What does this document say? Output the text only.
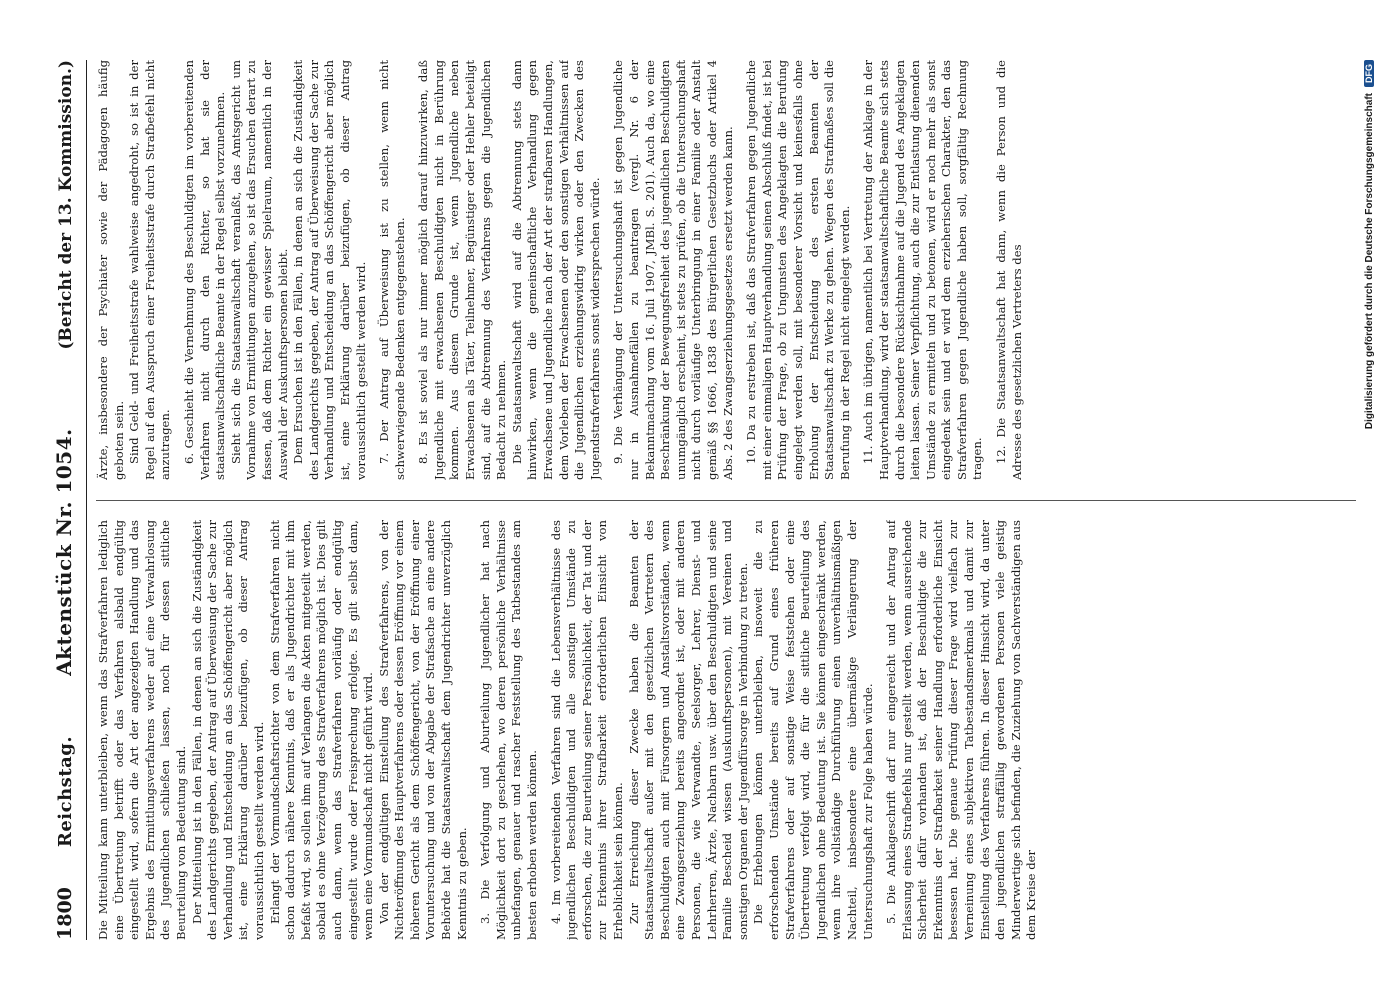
1800
Reichstag.
Aktenstück Nr. 1054.
(Bericht der 13. Kommission.)

Die Mitteilung kann unterbleiben, wenn das Strafverfahren lediglich eine Übertretung betrifft oder das Verfahren alsbald endgültig eingestellt wird, sofern die Art der angezeigten Handlung und das Ergebnis des Ermittlungsverfahrens weder auf eine Verwahrlosung des Jugendlichen schließen lassen, noch für dessen sittliche Beurteilung von Bedeutung sind. Der Mitteilung ist in den Fällen, in denen an sich die Zuständigkeit des Landgerichts gegeben, der Antrag auf Überweisung der Sache zur Verhandlung und Entscheidung an das Schöffengericht aber möglich ist, eine Erklärung darüber beizufügen, ob dieser Antrag voraussichtlich gestellt werden wird. Erlangt der Vormundschaftsrichter von dem Strafverfahren nicht schon dadurch nähere Kenntnis, daß er als Jugendrichter mit ihm befaßt wird, so sollen ihm auf Verlangen die Akten mitgeteilt werden, sobald es ohne Verzögerung des Strafverfahrens möglich ist. Dies gilt auch dann, wenn das Strafverfahren vorläufig oder endgültig eingestellt wurde oder Freisprechung erfolgte. Es gilt selbst dann, wenn eine Vormundschaft nicht geführt wird. Von der endgültigen Einstellung des Strafverfahrens, von der Nichteröffnung des Hauptverfahrens oder dessen Eröffnung vor einem höheren Gericht als dem Schöffengericht, von der Eröffnung einer Voruntersuchung und von der Abgabe der Strafsache an eine andere Behörde hat die Staatsanwaltschaft dem Jugendrichter unverzüglich Kenntnis zu geben. 3. Die Verfolgung und Aburteilung Jugendlicher hat nach Möglichkeit dort zu geschehen, wo deren persönliche Verhältnisse unbefangen, genauer und rascher Feststellung des Tatbestandes am besten erhoben werden können. 4. Im vorbereitenden Verfahren sind die Lebensverhältnisse des jugendlichen Beschuldigten und alle sonstigen Umstände zu erforschen, die zur Beurteilung seiner Persönlichkeit, der Tat und der zur Erkenntnis ihrer Strafbarkeit erforderlichen Einsicht von Erheblichkeit sein können. Zur Erreichung dieser Zwecke haben die Beamten der Staatsanwaltschaft außer mit den gesetzlichen Vertretern des Beschuldigten auch mit Fürsorgern und Anstaltsvorständen, wenn eine Zwangserziehung bereits angeordnet ist, oder mit anderen Personen, die wie Verwandte, Seelsorger, Lehrer, Dienst- und Lehrherren, Ärzte, Nachbarn usw. über den Beschuldigten und seine Familie Bescheid wissen (Auskunftspersonen), mit Vereinen und sonstigen Organen der Jugendfürsorge in Verbindung zu treten. Die Erhebungen können unterbleiben, insoweit die zu erforschenden Umstände bereits auf Grund eines früheren Strafverfahrens oder auf sonstige Weise feststehen oder eine Übertretung verfolgt wird, die für die sittliche Beurteilung des Jugendlichen ohne Bedeutung ist. Sie können eingeschränkt werden, wenn ihre vollständige Durchführung einen unverhältnismäßigen Nachteil, insbesondere eine übermäßige Verlängerung der Untersuchungshaft zur Folge haben würde. 5. Die Anklageschrift darf nur eingereicht und der Antrag auf Erlassung eines Strafbefehls nur gestellt werden, wenn ausreichende Sicherheit dafür vorhanden ist, daß der Beschuldigte die zur Erkenntnis der Strafbarkeit seiner Handlung erforderliche Einsicht besessen hat. Die genaue Prüfung dieser Frage wird vielfach zur Verneinung eines subjektiven Tatbestandsmerkmals und damit zur Einstellung des Verfahrens führen. In dieser Hinsicht wird, da unter den jugendlichen straffällig gewordenen Personen viele geistig Minderwertige sich befinden, die Zuziehung von Sachverständigen aus dem Kreise der

Ärzte, insbesondere der Psychiater sowie der Pädagogen häufig geboten sein. Sind Geld- und Freiheitsstrafe wahlweise angedroht, so ist in der Regel auf den Ausspruch einer Freiheitsstrafe durch Strafbefehl nicht anzutragen. 6. Geschieht die Vernehmung des Beschuldigten im vorbereitenden Verfahren nicht durch den Richter, so hat sie der staatsanwaltschaftliche Beamte in der Regel selbst vorzunehmen. Sieht sich die Staatsanwaltschaft veranlaßt, das Amtsgericht um Vornahme von Ermittlungen anzugehen, so ist das Ersuchen derart zu fassen, daß dem Richter ein gewisser Spielraum, namentlich in der Auswahl der Auskunftspersonen bleibt. Dem Ersuchen ist in den Fällen, in denen an sich die Zuständigkeit des Landgerichts gegeben, der Antrag auf Überweisung der Sache zur Verhandlung und Entscheidung an das Schöffengericht aber möglich ist, eine Erklärung darüber beizufügen, ob dieser Antrag voraussichtlich gestellt werden wird. 7. Der Antrag auf Überweisung ist zu stellen, wenn nicht schwerwiegende Bedenken entgegenstehen. 8. Es ist soviel als nur immer möglich darauf hinzuwirken, daß Jugendliche mit erwachsenen Beschuldigten nicht in Berührung kommen. Aus diesem Grunde ist, wenn Jugendliche neben Erwachsenen als Täter, Teilnehmer, Begünstiger oder Hehler beteiligt sind, auf die Abtrennung des Verfahrens gegen die Jugendlichen Bedacht zu nehmen. Die Staatsanwaltschaft wird auf die Abtrennung stets dann hinwirken, wenn die gemeinschaftliche Verhandlung gegen Erwachsene und Jugendliche nach der Art der strafbaren Handlungen, dem Vorleben der Erwachsenen oder den sonstigen Verhältnissen auf die Jugendlichen erziehungswidrig wirken oder den Zwecken des Jugendstrafverfahrens sonst widersprechen würde. 9. Die Verhängung der Untersuchungshaft ist gegen Jugendliche nur in Ausnahmefällen zu beantragen (vergl. Nr. 6 der Bekanntmachung vom 16. Juli 1907, JMBl. S. 201). Auch da, wo eine Beschränkung der Bewegungsfreiheit des jugendlichen Beschuldigten unumgänglich erscheint, ist stets zu prüfen, ob die Untersuchungshaft nicht durch vorläufige Unterbringung in einer Familie oder Anstalt gemäß §§ 1666, 1838 des Bürgerlichen Gesetzbuchs oder Artikel 4 Abs. 2 des Zwangserziehungsgesetzes ersetzt werden kann. 10. Da zu erstreben ist, daß das Strafverfahren gegen Jugendliche mit einer einmaligen Hauptverhandlung seinen Abschluß findet, ist bei Prüfung der Frage, ob zu Ungunsten des Angeklagten die Berufung eingelegt werden soll, mit besonderer Vorsicht und keinesfalls ohne Erholung der Entscheidung des ersten Beamten der Staatsanwaltschaft zu Werke zu gehen. Wegen des Strafmaßes soll die Berufung in der Regel nicht eingelegt werden. 11. Auch im übrigen, namentlich bei Vertretung der Anklage in der Hauptverhandlung, wird der staatsanwaltschaftliche Beamte sich stets durch die besondere Rücksichtnahme auf die Jugend des Angeklagten leiten lassen. Seiner Verpflichtung, auch die zur Entlastung dienenden Umstände zu ermitteln und zu betonen, wird er noch mehr als sonst eingedenk sein und er wird dem erzieherischen Charakter, den das Strafverfahren gegen Jugendliche haben soll, sorgfältig Rechnung tragen. 12. Die Staatsanwaltschaft hat dann, wenn die Person und die Adresse des gesetzlichen Vertreters des	Digitalisierung gefördert durch die Deutsche Forschungsgemeinschaft
DFG
